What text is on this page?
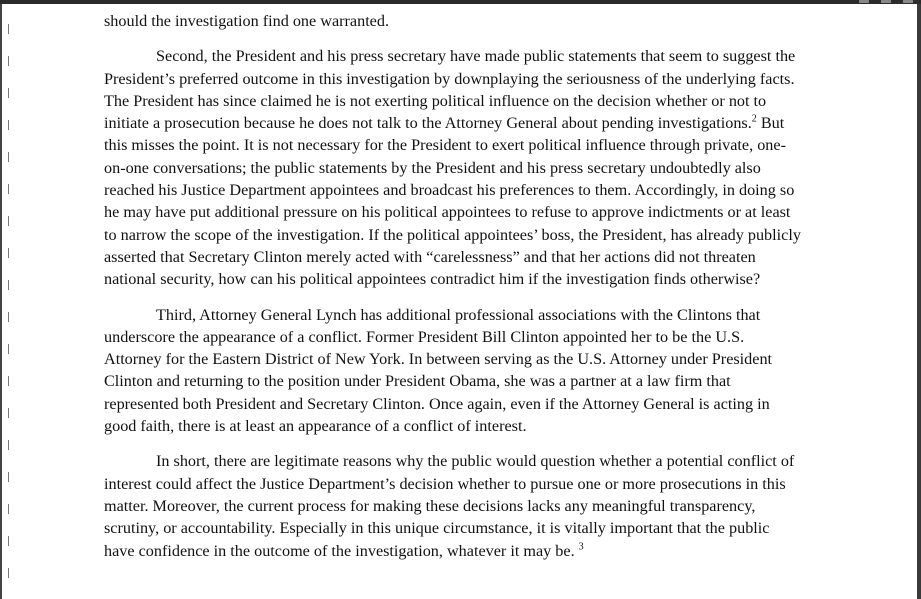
should the investigation find one warranted.

Second, the President and his press secretary have made public statements that seem to suggest the President’s preferred outcome in this investigation by downplaying the seriousness of the underlying facts. The President has since claimed he is not exerting political influence on the decision whether or not to initiate a prosecution because he does not talk to the Attorney General about pending investigations.$^2$ But this misses the point. It is not necessary for the President to exert political influence through private, one-on-one conversations; the public statements by the President and his press secretary undoubtedly also reached his Justice Department appointees and broadcast his preferences to them. Accordingly, in doing so he may have put additional pressure on his political appointees to refuse to approve indictments or at least to narrow the scope of the investigation. If the political appointees’ boss, the President, has already publicly asserted that Secretary Clinton merely acted with “carelessness” and that her actions did not threaten national security, how can his political appointees contradict him if the investigation finds otherwise?

Third, Attorney General Lynch has additional professional associations with the Clintons that underscore the appearance of a conflict. Former President Bill Clinton appointed her to be the U.S. Attorney for the Eastern District of New York. In between serving as the U.S. Attorney under President Clinton and returning to the position under President Obama, she was a partner at a law firm that represented both President and Secretary Clinton. Once again, even if the Attorney General is acting in good faith, there is at least an appearance of a conflict of interest.

In short, there are legitimate reasons why the public would question whether a potential conflict of interest could affect the Justice Department’s decision whether to pursue one or more prosecutions in this matter. Moreover, the current process for making these decisions lacks any meaningful transparency, scrutiny, or accountability. Especially in this unique circumstance, it is vitally important that the public have confidence in the outcome of the investigation, whatever it may be. $^3$
